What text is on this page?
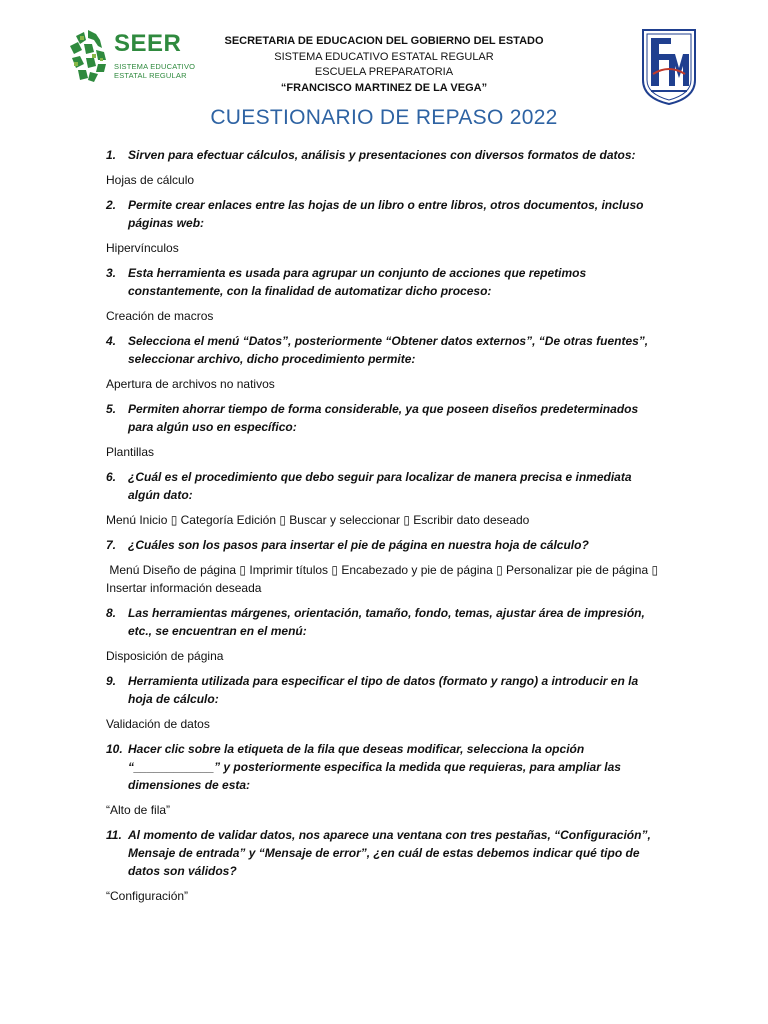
SEER
SISTEMA EDUCATIVO
ESTATAL REGULAR
SECRETARIA DE EDUCACION DEL GOBIERNO DEL ESTADO
SISTEMA EDUCATIVO ESTATAL REGULAR
ESCUELA PREPARATORIA
“FRANCISCO MARTINEZ DE LA VEGA”
CUESTIONARIO DE REPASO 2022
1. Sirven para efectuar cálculos, análisis y presentaciones con diversos formatos de datos:
Hojas de cálculo
2. Permite crear enlaces entre las hojas de un libro o entre libros, otros documentos, incluso páginas web:
Hipervínculos
3. Esta herramienta es usada para agrupar un conjunto de acciones que repetimos constantemente, con la finalidad de automatizar dicho proceso:
Creación de macros
4. Selecciona el menú “Datos”, posteriormente “Obtener datos externos”, “De otras fuentes”, seleccionar archivo, dicho procedimiento permite:
Apertura de archivos no nativos
5. Permiten ahorrar tiempo de forma considerable, ya que poseen diseños predeterminados para algún uso en específico:
Plantillas
6. ¿Cuál es el procedimiento que debo seguir para localizar de manera precisa e inmediata algún dato:
Menú Inicio ▯ Categoría Edición ▯ Buscar y seleccionar ▯ Escribir dato deseado
7. ¿Cuáles son los pasos para insertar el pie de página en nuestra hoja de cálculo?
Menú Diseño de página ▯ Imprimir títulos ▯ Encabezado y pie de página ▯ Personalizar pie de página ▯ Insertar información deseada
8. Las herramientas márgenes, orientación, tamaño, fondo, temas, ajustar área de impresión, etc., se encuentran en el menú:
Disposición de página
9. Herramienta utilizada para especificar el tipo de datos (formato y rango) a introducir en la hoja de cálculo:
Validación de datos
10. Hacer clic sobre la etiqueta de la fila que deseas modificar, selecciona la opción “____________” y posteriormente especifica la medida que requieras, para ampliar las dimensiones de esta:
“Alto de fila”
11. Al momento de validar datos, nos aparece una ventana con tres pestañas, “Configuración”, Mensaje de entrada” y “Mensaje de error”, ¿en cuál de estas debemos indicar qué tipo de datos son válidos?
“Configuración”
